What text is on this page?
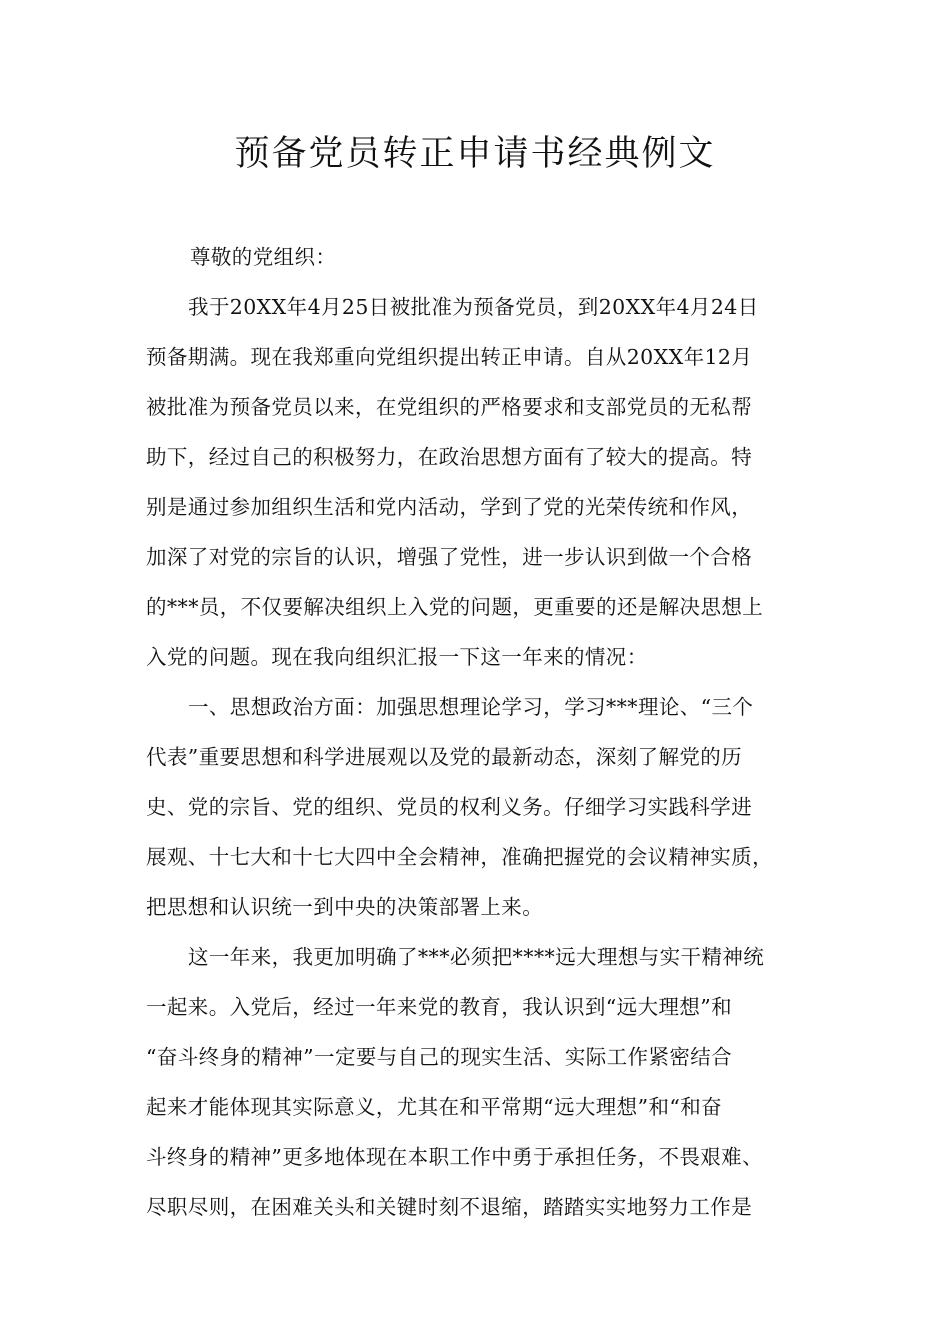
预备党员转正申请书经典例文
尊敬的党组织：
我于20XX年4月25日被批准为预备党员，到20XX年4月24日
预备期满。现在我郑重向党组织提出转正申请。自从20XX年12月
被批准为预备党员以来，在党组织的严格要求和支部党员的无私帮
助下，经过自己的积极努力，在政治思想方面有了较大的提高。特
别是通过参加组织生活和党内活动，学到了党的光荣传统和作风，
加深了对党的宗旨的认识，增强了党性，进一步认识到做一个合格
的***员，不仅要解决组织上入党的问题，更重要的还是解决思想上
入党的问题。现在我向组织汇报一下这一年来的情况：
一、思想政治方面：加强思想理论学习，学习***理论、“三个
代表”重要思想和科学进展观以及党的最新动态，深刻了解党的历
史、党的宗旨、党的组织、党员的权利义务。仔细学习实践科学进
展观、十七大和十七大四中全会精神，准确把握党的会议精神实质，
把思想和认识统一到中央的决策部署上来。
这一年来，我更加明确了***必须把****远大理想与实干精神统
一起来。入党后，经过一年来党的教育，我认识到“远大理想”和
“奋斗终身的精神”一定要与自己的现实生活、实际工作紧密结合
起来才能体现其实际意义，尤其在和平常期“远大理想”和“和奋
斗终身的精神”更多地体现在本职工作中勇于承担任务，不畏艰难、
尽职尽则，在困难关头和关键时刻不退缩，踏踏实实地努力工作是
